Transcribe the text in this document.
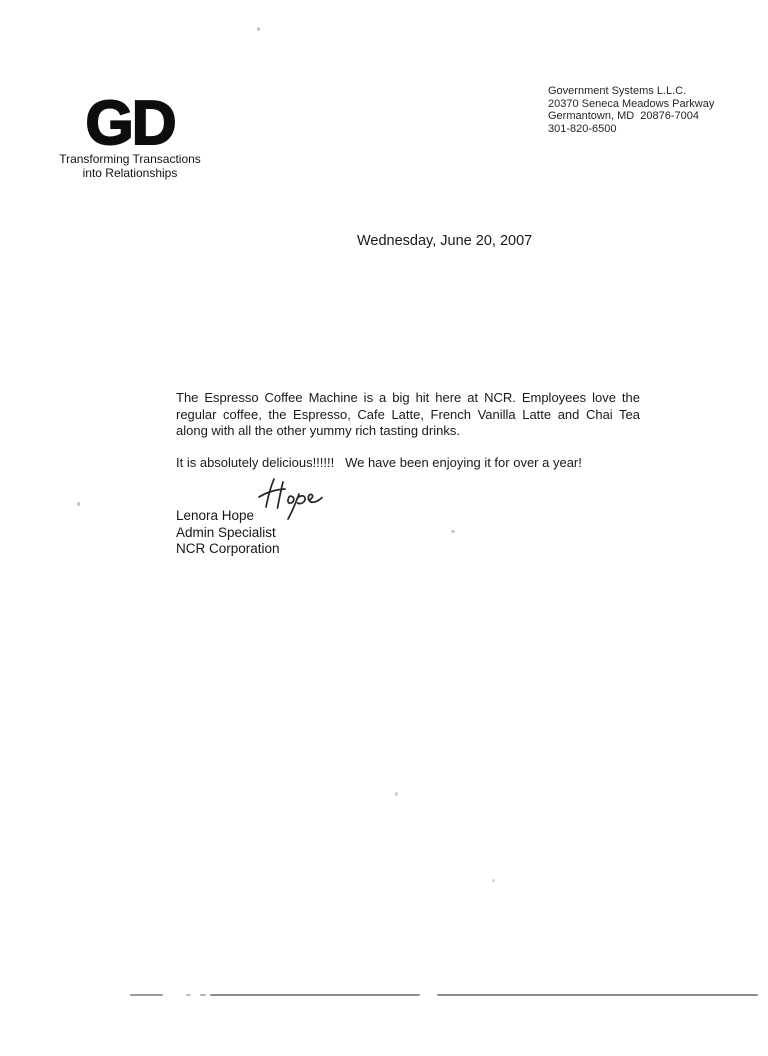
GD
Transforming Transactions
into Relationships
Government Systems L.L.C.
20370 Seneca Meadows Parkway
Germantown, MD  20876-7004
301-820-6500
Wednesday, June 20, 2007
The Espresso Coffee Machine is a big hit here at NCR. Employees love the
regular coffee, the Espresso, Cafe Latte, French Vanilla Latte and Chai Tea
along with all the other yummy rich tasting drinks.
It is absolutely delicious!!!!!!   We have been enjoying it for over a year!
Lenora Hope
Admin Specialist
NCR Corporation
